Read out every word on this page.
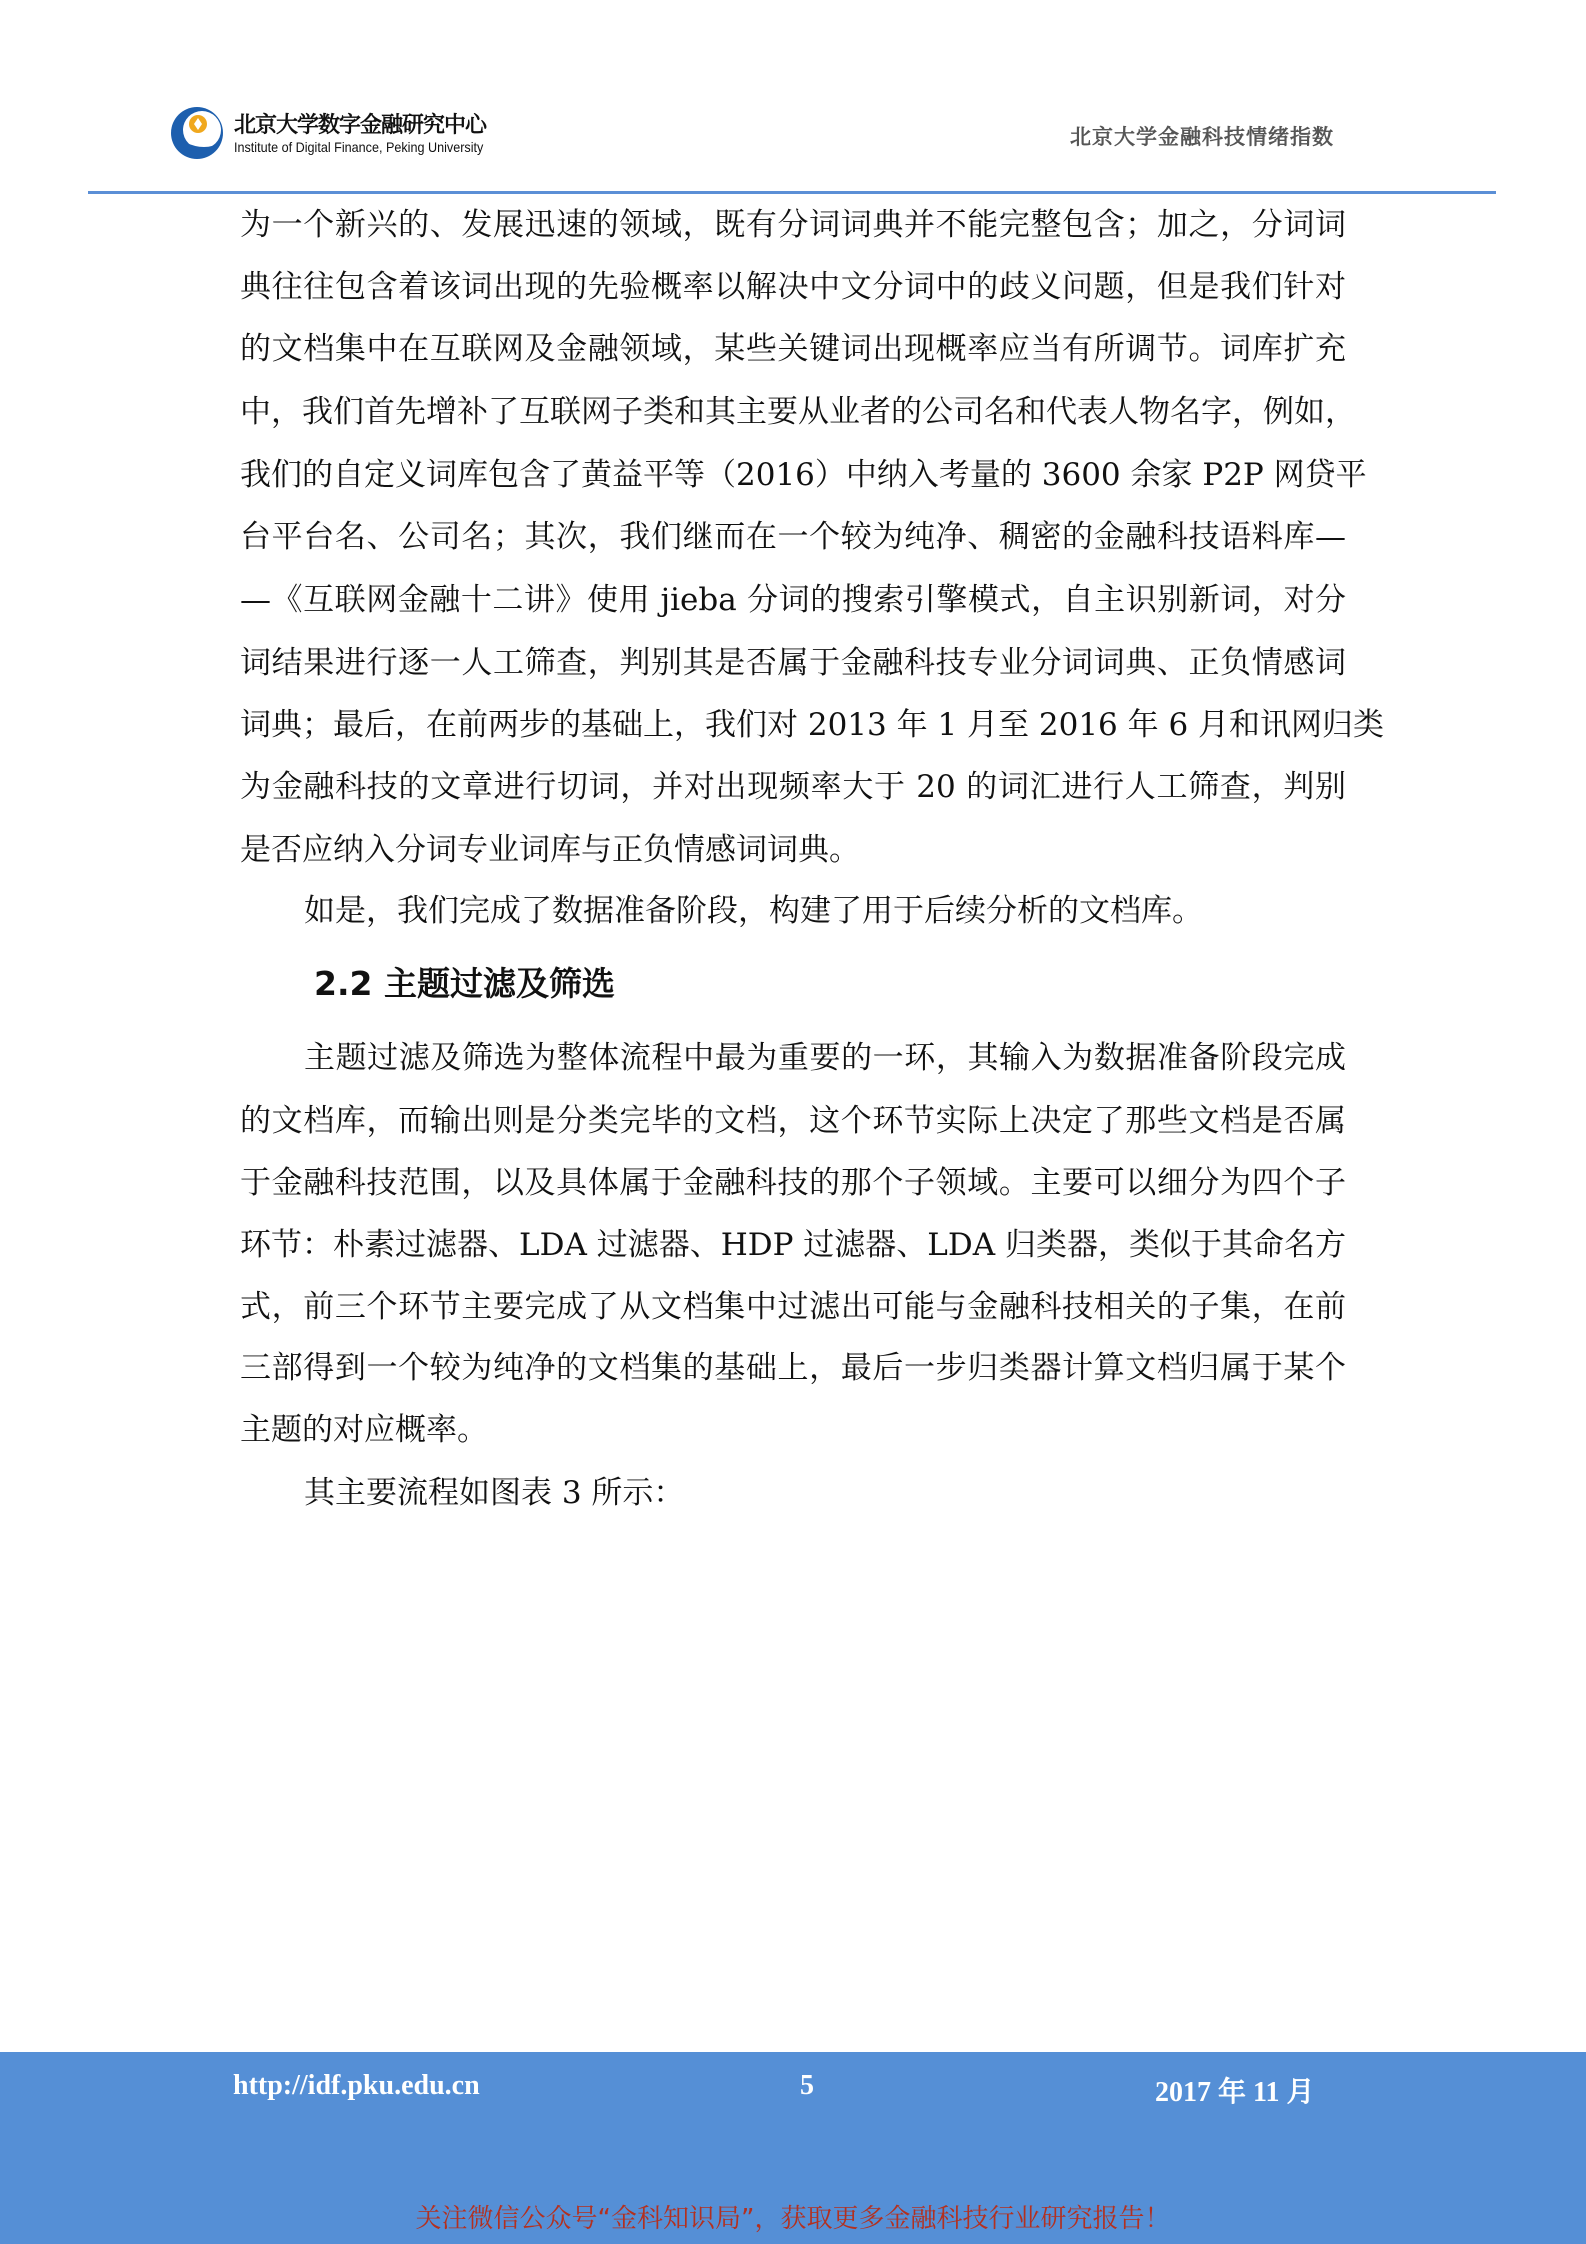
北京大学数字金融研究中心
Institute of Digital Finance, Peking University	北京大学金融科技情绪指数
为一个新兴的、发展迅速的领域，既有分词词典并不能完整包含；加之，分词词
典往往包含着该词出现的先验概率以解决中文分词中的歧义问题，但是我们针对
的文档集中在互联网及金融领域，某些关键词出现概率应当有所调节。词库扩充
中，我们首先增补了互联网子类和其主要从业者的公司名和代表人物名字，例如，
我们的自定义词库包含了黄益平等（2016）中纳入考量的 3600 余家 P2P 网贷平
台平台名、公司名；其次，我们继而在一个较为纯净、稠密的金融科技语料库—
—《互联网金融十二讲》使用 jieba 分词的搜索引擎模式，自主识别新词，对分
词结果进行逐一人工筛查，判别其是否属于金融科技专业分词词典、正负情感词
词典；最后，在前两步的基础上，我们对 2013 年 1 月至 2016 年 6 月和讯网归类
为金融科技的文章进行切词，并对出现频率大于 20 的词汇进行人工筛查，判别
是否应纳入分词专业词库与正负情感词词典。
如是，我们完成了数据准备阶段，构建了用于后续分析的文档库。
2.2 主题过滤及筛选
主题过滤及筛选为整体流程中最为重要的一环，其输入为数据准备阶段完成
的文档库，而输出则是分类完毕的文档，这个环节实际上决定了那些文档是否属
于金融科技范围，以及具体属于金融科技的那个子领域。主要可以细分为四个子
环节：朴素过滤器、LDA 过滤器、HDP 过滤器、LDA 归类器，类似于其命名方
式，前三个环节主要完成了从文档集中过滤出可能与金融科技相关的子集，在前
三部得到一个较为纯净的文档集的基础上，最后一步归类器计算文档归属于某个
主题的对应概率。
其主要流程如图表 3 所示：
http://idf.pku.edu.cn	5	2017 年 11 月
关注微信公众号“金科知识局”，获取更多金融科技行业研究报告！
